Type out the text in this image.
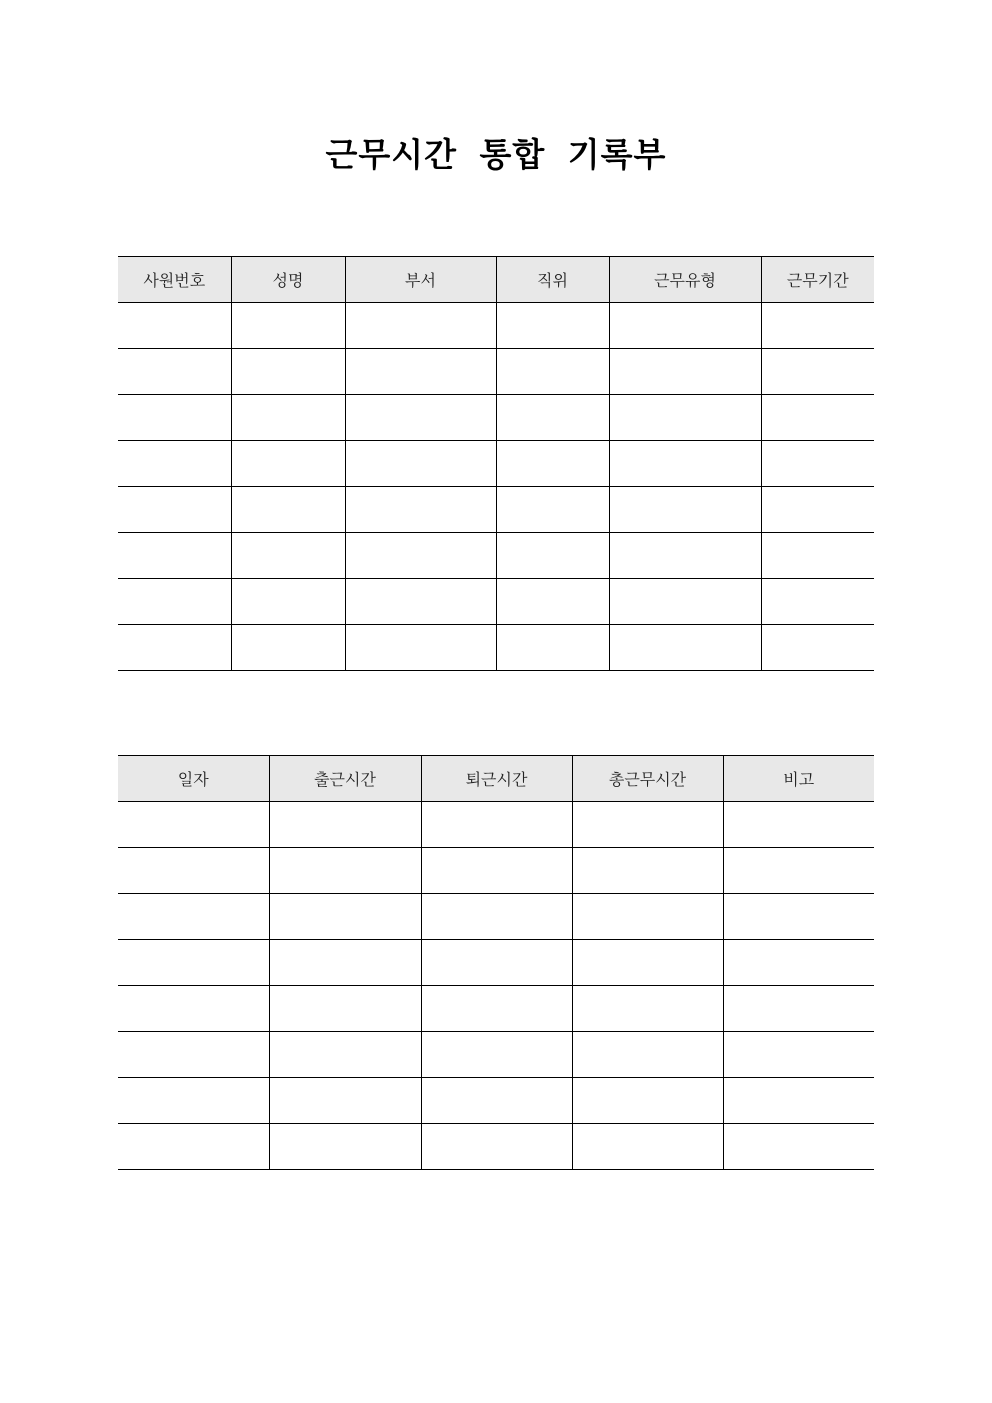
근무시간 통합 기록부
사원번호	성명	부서	직위	근무유형	근무기간

일자	출근시간	퇴근시간	총근무시간	비고
